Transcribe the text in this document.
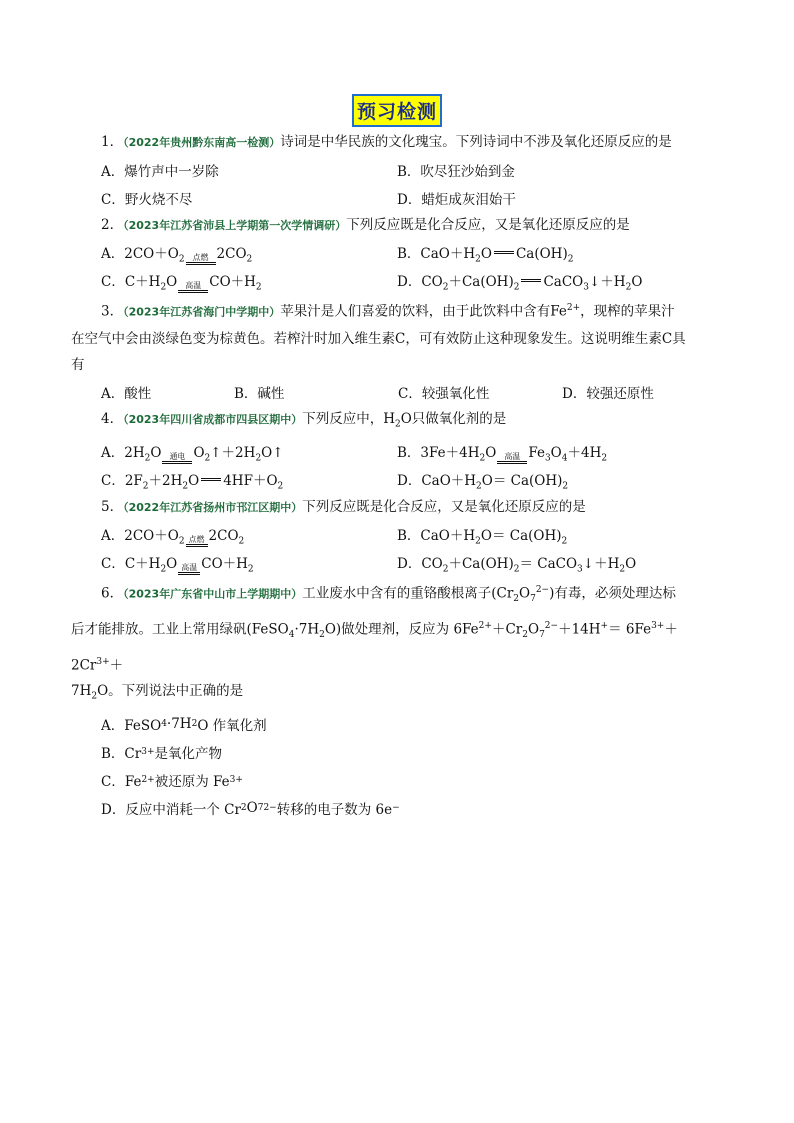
预习检测
1．（2022年贵州黔东南高一检测）诗词是中华民族的文化瑰宝。下列诗词中不涉及氧化还原反应的是
A．爆竹声中一岁除	B．吹尽狂沙始到金
C．野火烧不尽	D．蜡炬成灰泪始干
2．（2023年江苏省沛县上学期第一次学情调研）下列反应既是化合反应，又是氧化还原反应的是
A．$2CO+O_2$	点燃 $2CO_2$	B．$CaO+H_2O$ $Ca(OH)_2$
C．$C+H_2O$	高温 $CO+H_2$	D．$CO_2+Ca(OH)_2$ $CaCO_3↓+H_2O$
3．（2023年江苏省海门中学期中）苹果汁是人们喜爱的饮料，由于此饮料中含有$Fe^{2+}$，现榨的苹果汁
在空气中会由淡绿色变为棕黄色。若榨汁时加入维生素C，可有效防止这种现象发生。这说明维生素C具
有
A．酸性	B．碱性	C．较强氧化性	D．较强还原性
4．（2023年四川省成都市四县区期中）下列反应中，$H_2O$只做氧化剂的是
A．$2H_2O$	通电 $O_2↑+2H_2O↑$	B．$3Fe+4H_2O$	高温 $Fe_3O_4+4H_2$
C．$2F_2+2H_2O$ $4HF+O_2$	D．$CaO+H_2O= Ca(OH)_2$
5．（2022年江苏省扬州市邗江区期中）下列反应既是化合反应，又是氧化还原反应的是
A．$2CO+O_2$ 点燃 $2CO_2$	B．$CaO+H_2O= Ca(OH)_2$
C．$C+H_2O$ 高温 $CO+H_2$	D．$CO_2+Ca(OH)_2=$ $CaCO_3↓+H_2O$
6．（2023年广东省中山市上学期期中）工业废水中含有的重铬酸根离子$(Cr_2O_7^{2-})$有毒，必须处理达标
后才能排放。工业上常用绿矾$(FeSO_4\cdot 7H_2O)$做处理剂，反应为 $6Fe^{2+}+Cr_2O_7^{2-}+14H^+= 6Fe^{3+}+2Cr^{3+}+$
$7H_2O$。下列说法中正确的是
A．FeSO 4 ·7H 2 O 作氧化剂
B．Cr 3+ 是氧化产物
C．Fe 2+ 被还原为 Fe 3+
D．反应中消耗一个 Cr 2 O 7 2− 转移的电子数为 6e −
